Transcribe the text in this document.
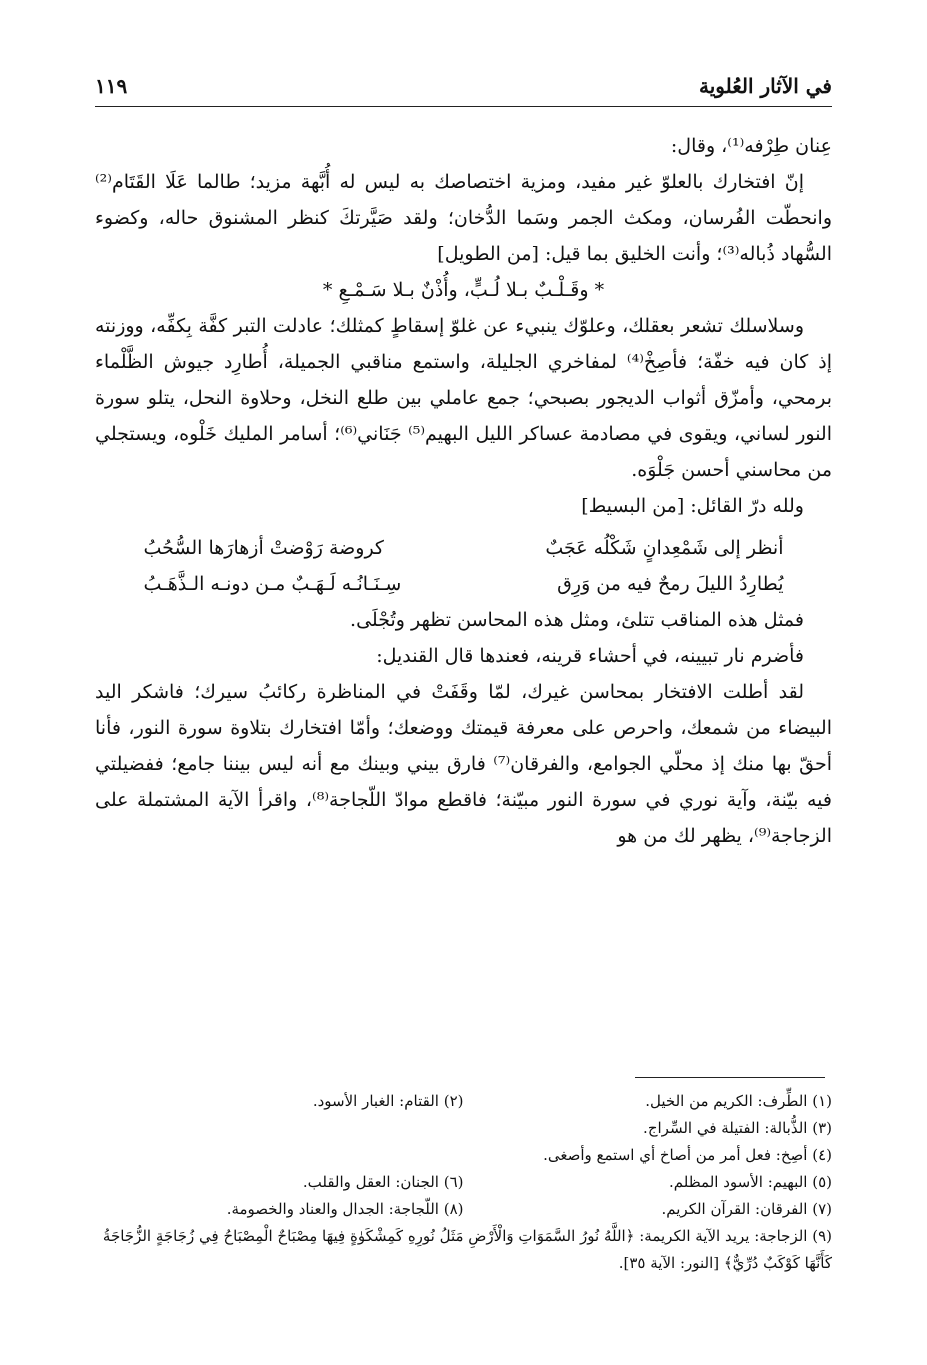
في الآثار العُلوية
١١٩

عِنان طِرْفه⁽¹⁾، وقال:

إنّ افتخارك بالعلوّ غير مفيد، ومزية اختصاصك به ليس له أُبَّهة مزيد؛ طالما عَلَا القَتَام⁽²⁾ وانحطّت الفُرسان، ومكث الجمر وسَما الدُّخان؛ ولقد صَيَّرتكَ كنظر المشنوق حاله، وكضوء السُّهاد ذُباله⁽³⁾؛ وأنت الخليق بما قيل: [من الطويل]

* وقَـلْـبٌ بـلا لُـبٍّ، وأُذْنٌ بـلا سَـمْـعِ *

وسلاسلك تشعر بعقلك، وعلوّك ينبيء عن غلوّ إسقاطٍ كمثلك؛ عادلت التبر كفَّة بِكفِّه، ووزنته إذ كان فيه خفّة؛ فأصِخْ⁽⁴⁾ لمفاخري الجليلة، واستمع مناقبي الجميلة، أُطارِد جيوش الظَّلْماء برمحي، وأمزّق أثواب الديجور بصبحي؛ جمع عاملي بين طلع النخل، وحلاوة النحل، يتلو سورة النور لساني، ويقوى في مصادمة عساكر الليل البهيم⁽⁵⁾ جَنَاني⁽⁶⁾؛ أسامر المليك خَلْوه، ويستجلي من محاسني أحسن جَلْوَه.

ولله درّ القائل: [من البسيط]

أنظر إلى شَمْعِدانٍ شَكْلُه عَجَبٌ
كروضة رَوْضتْ أزهارَها السُّحُبُ
يُطارِدُ الليلَ رمحٌ فيه من وَرِق
سِـنَـانُـه لَـهَـبٌ مـن دونـه الـذَّهَـبُ

فمثل هذه المناقب تتلئ، ومثل هذه المحاسن تظهر وتُجْلَى.

فأضرم نار تبيينه، في أحشاء قرينه، فعندها قال القنديل:

لقد أطلت الافتخار بمحاسن غيرك، لمّا وقَفَتْ في المناظرة ركائبُ سيرك؛ فاشكر اليد البيضاء من شمعك، واحرص على معرفة قيمتك ووضعك؛ وأمّا افتخارك بتلاوة سورة النور، فأنا أحقّ بها منك إذ محلّي الجوامع، والفرقان⁽⁷⁾ فارق بيني وبينك مع أنه ليس بيننا جامع؛ ففضيلتي فيه بيّنة، وآية نوري في سورة النور مبيّنة؛ فاقطع موادّ اللّجاجة⁽⁸⁾، واقرأ الآية المشتملة على الزجاجة⁽⁹⁾، يظهر لك من هو

(١) الطِّرف: الكريم من الخيل.
(٢) القتام: الغبار الأسود.
(٣) الذُّبالة: الفتيلة في السِّراج.
(٤) أصِخ: فعل أمر من أصاخ أي استمع وأصغى.
(٥) البهيم: الأسود المظلم.
(٦) الجنان: العقل والقلب.
(٧) الفرقان: القرآن الكريم.
(٨) اللّجاجة: الجدال والعناد والخصومة.
(٩) الزجاجة: يريد الآية الكريمة: ﴿اللَّهُ نُورُ السَّمَوَاتِ وَالْأَرْضِ مَثَلُ نُورِهِ كَمِشْكَوٰةٍ فِيهَا مِصْبَاحٌ الْمِصْبَاحُ فِي زُجَاجَةٍ الزُّجَاجَةُ كَأَنَّهَا كَوْكَبٌ دُرِّيٌّ﴾ [النور: الآية ٣٥].
